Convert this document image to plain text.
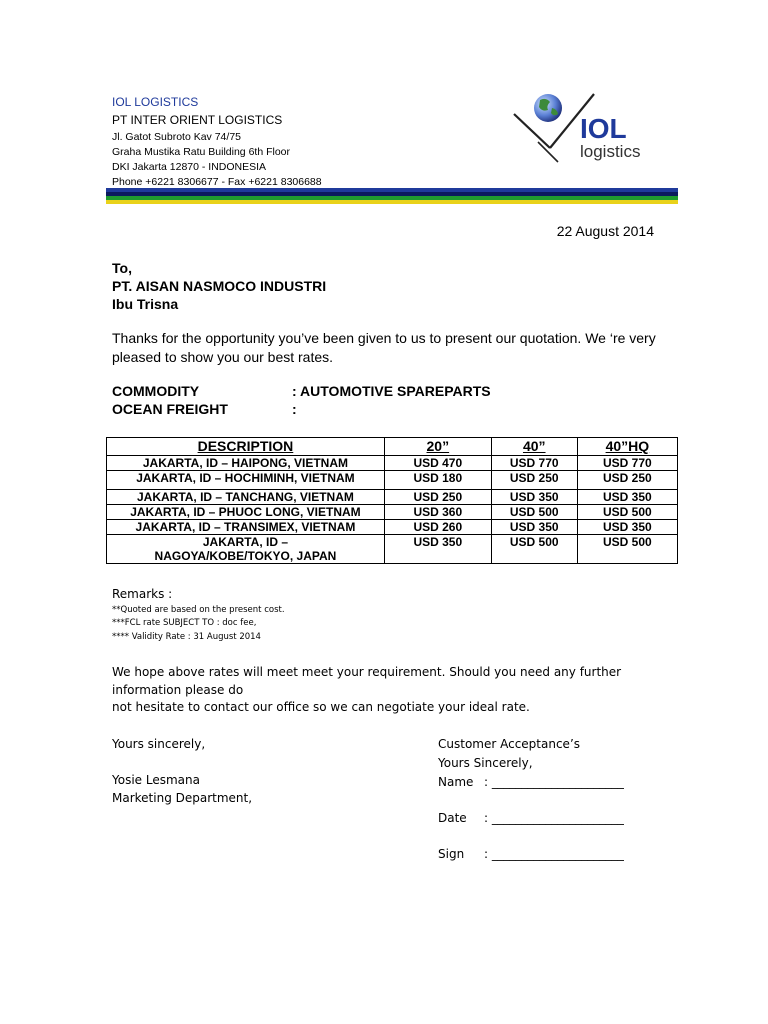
IOL LOGISTICS
PT INTER ORIENT LOGISTICS
Jl. Gatot Subroto Kav 74/75
Graha Mustika Ratu Building 6th Floor
DKI Jakarta 12870 - INDONESIA
Phone +6221 8306677 - Fax +6221 8306688
IOL
logistics
22 August 2014
To,
PT. AISAN NASMOCO INDUSTRI
Ibu Trisna
Thanks for the opportunity you’ve been given to us to present our quotation. We ‘re very pleased to show you our best rates.
COMMODITY	: AUTOMOTIVE SPAREPARTS
OCEAN FREIGHT	:
DESCRIPTION	20”	40”	40”HQ
JAKARTA, ID – HAIPONG, VIETNAM	USD 470	USD 770	USD 770
JAKARTA, ID – HOCHIMINH, VIETNAM	USD 180	USD 250	USD 250
JAKARTA, ID – TANCHANG, VIETNAM	USD 250	USD 350	USD 350
JAKARTA, ID – PHUOC LONG, VIETNAM	USD 360	USD 500	USD 500
JAKARTA, ID – TRANSIMEX, VIETNAM	USD 260	USD 350	USD 350
JAKARTA, ID – NAGOYA/KOBE/TOKYO, JAPAN	USD 350	USD 500	USD 500
Remarks :
**Quoted are based on the present cost.
***FCL rate SUBJECT TO : doc fee,
**** Validity Rate : 31 August 2014
We hope above rates will meet meet your requirement. Should you need any further
information please do
not hesitate to contact our office so we can negotiate your ideal rate.
Yours sincerely,
Yosie Lesmana
Marketing Department,
Customer Acceptance’s
Yours Sincerely,
Name : ______________________
Date : ______________________
Sign : ______________________
